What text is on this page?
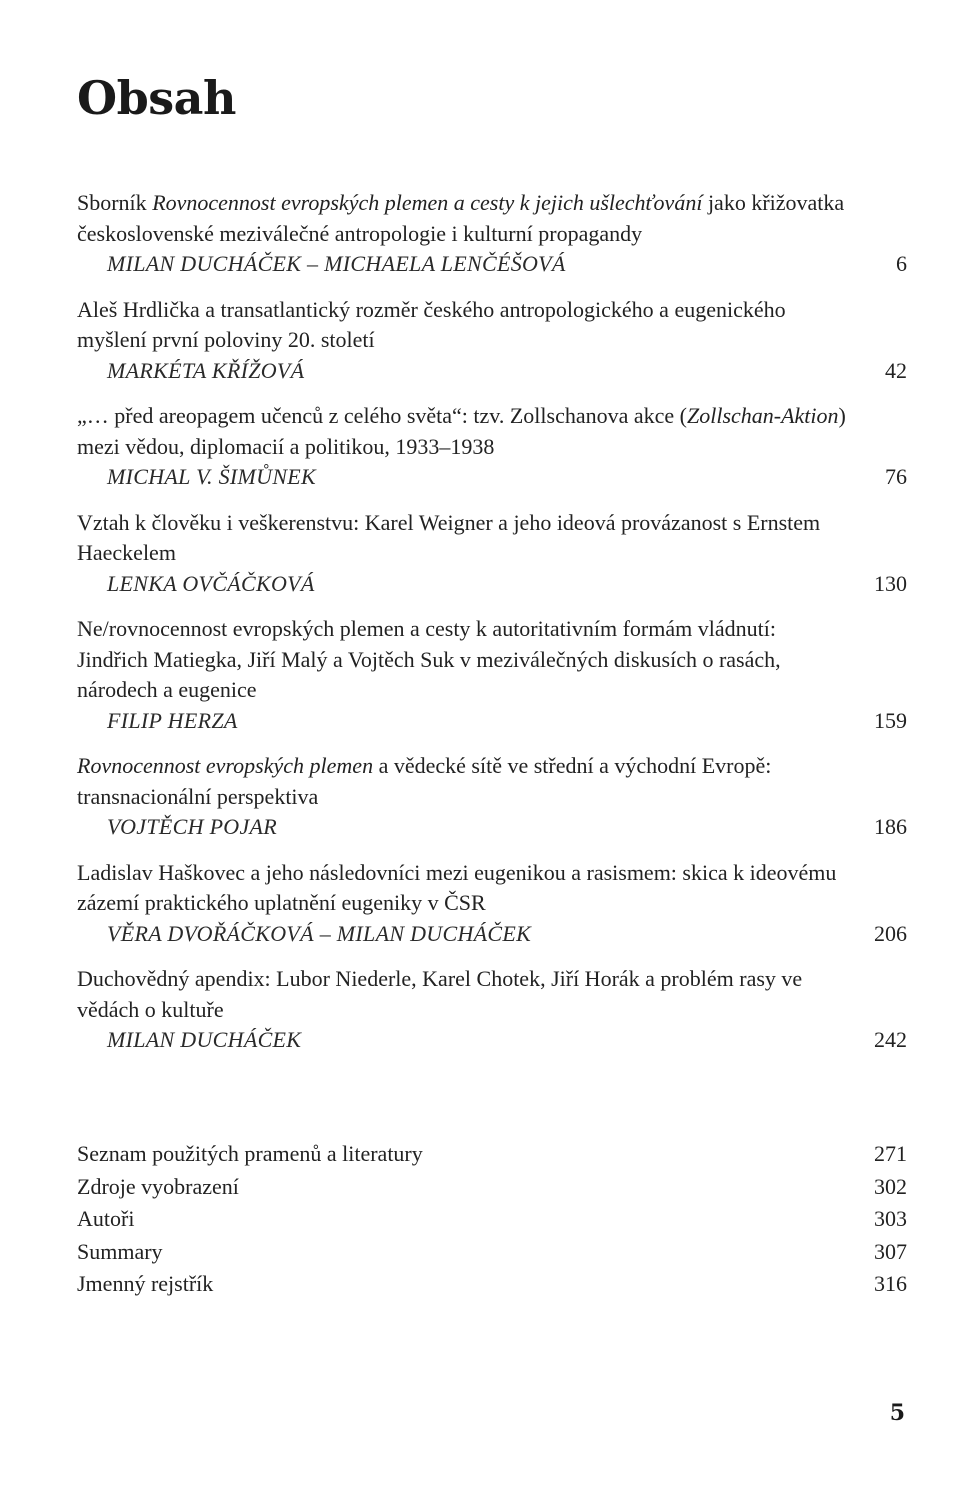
Obsah

Sborník Rovnocennost evropských plemen a cesty k jejich ušlechťování jako křižovatka československé meziválečné antropologie i kulturní propagandy

MILAN DUCHÁČEK – MICHAELA LENČÉŠOVÁ	6

Aleš Hrdlička a transatlantický rozměr českého antropologického a eugenického myšlení první poloviny 20. století

MARKÉTA KŘÍŽOVÁ	42

„… před areopagem učenců z celého světa“: tzv. Zollschanova akce (Zollschan-Aktion) mezi vědou, diplomacií a politikou, 1933–1938

MICHAL V. ŠIMŮNEK	76

Vztah k člověku i veškerenstvu: Karel Weigner a jeho ideová provázanost s Ernstem Haeckelem

LENKA OVČÁČKOVÁ	130

Ne/rovnocennost evropských plemen a cesty k autoritativním formám vládnutí: Jindřich Matiegka, Jiří Malý a Vojtěch Suk v meziválečných diskusích o rasách, národech a eugenice

FILIP HERZA	159

Rovnocennost evropských plemen a vědecké sítě ve střední a východní Evropě: transnacionální perspektiva

VOJTĚCH POJAR	186

Ladislav Haškovec a jeho následovníci mezi eugenikou a rasismem: skica k ideovému zázemí praktického uplatnění eugeniky v ČSR

VĚRA DVOŘÁČKOVÁ – MILAN DUCHÁČEK	206

Duchovědný apendix: Lubor Niederle, Karel Chotek, Jiří Horák a problém rasy ve vědách o kultuře

MILAN DUCHÁČEK	242
Seznam použitých pramenů a literatury	271
Zdroje vyobrazení	302
Autoři	303
Summary	307
Jmenný rejstřík	316
5
